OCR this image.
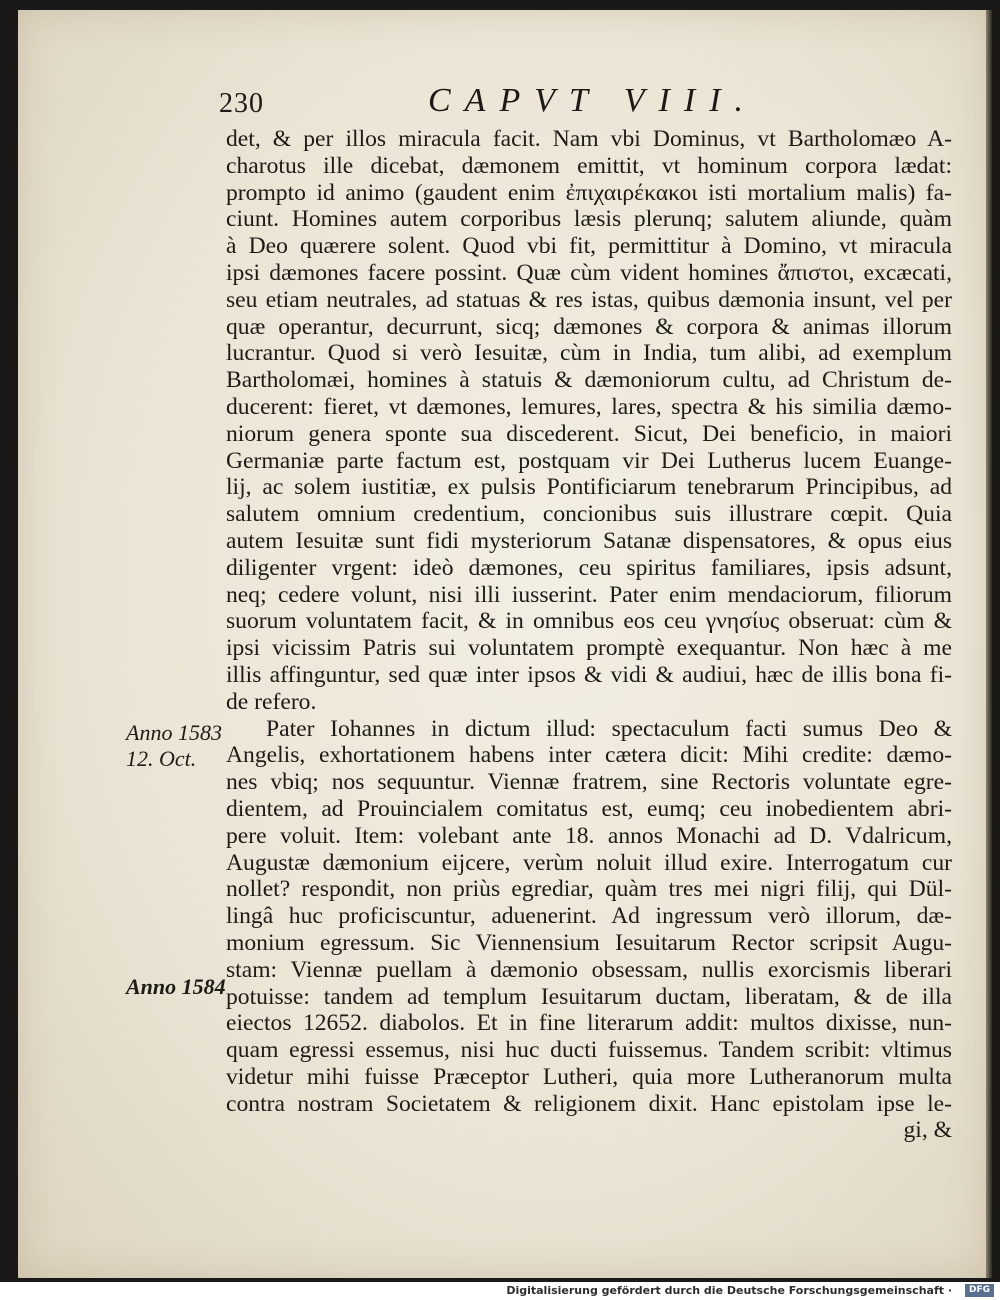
230	CAPVT VIII.
det, & per illos miracula facit. Nam vbi Dominus, vt Bartholomæo A-
charotus ille dicebat, dæmonem emittit, vt hominum corpora lædat:
prompto id animo (gaudent enim ἐπιχαιρέκακοι isti mortalium malis) fa-
ciunt. Homines autem corporibus læsis plerunq; salutem aliunde, quàm
à Deo quærere solent. Quod vbi fit, permittitur à Domino, vt miracula
ipsi dæmones facere possint. Quæ cùm vident homines ἄπιστοι, excæcati,
seu etiam neutrales, ad statuas & res istas, quibus dæmonia insunt, vel per
quæ operantur, decurrunt, sicq; dæmones & corpora & animas illorum
lucrantur. Quod si verò Iesuitæ, cùm in India, tum alibi, ad exemplum
Bartholomæi, homines à statuis & dæmoniorum cultu, ad Christum de-
ducerent: fieret, vt dæmones, lemures, lares, spectra & his similia dæmo-
niorum genera sponte sua discederent. Sicut, Dei beneficio, in maiori
Germaniæ parte factum est, postquam vir Dei Lutherus lucem Euange-
lij, ac solem iustitiæ, ex pulsis Pontificiarum tenebrarum Principibus, ad
salutem omnium credentium, concionibus suis illustrare cœpit. Quia
autem Iesuitæ sunt fidi mysteriorum Satanæ dispensatores, & opus eius
diligenter vrgent: ideò dæmones, ceu spiritus familiares, ipsis adsunt,
neq; cedere volunt, nisi illi iusserint. Pater enim mendaciorum, filiorum
suorum voluntatem facit, & in omnibus eos ceu γνησίυς obseruat: cùm &
ipsi vicissim Patris sui voluntatem promptè exequantur. Non hæc à me
illis affinguntur, sed quæ inter ipsos & vidi & audiui, hæc de illis bona fi-
de refero.
Pater Iohannes in dictum illud: spectaculum facti sumus Deo &
Angelis, exhortationem habens inter cætera dicit: Mihi credite: dæmo-
nes vbiq; nos sequuntur. Viennæ fratrem, sine Rectoris voluntate egre-
dientem, ad Prouincialem comitatus est, eumq; ceu inobedientem abri-
pere voluit. Item: volebant ante 18. annos Monachi ad D. Vdalricum,
Augustæ dæmonium eijcere, verùm noluit illud exire. Interrogatum cur
nollet? respondit, non priùs egrediar, quàm tres mei nigri filij, qui Dül-
lingâ huc proficiscuntur, aduenerint. Ad ingressum verò illorum, dæ-
monium egressum. Sic Viennensium Iesuitarum Rector scripsit Augu-
stam: Viennæ puellam à dæmonio obsessam, nullis exorcismis liberari
potuisse: tandem ad templum Iesuitarum ductam, liberatam, & de illa
eiectos 12652. diabolos. Et in fine literarum addit: multos dixisse, nun-
quam egressi essemus, nisi huc ducti fuissemus. Tandem scribit: vltimus
videtur mihi fuisse Præceptor Lutheri, quia more Lutheranorum multa
contra nostram Societatem & religionem dixit. Hanc epistolam ipse le-
gi, &
Anno 1583
12. Oct.
Anno 1584
Digitalisierung gefördert durch die Deutsche Forschungsgemeinschaft ·	DFG
